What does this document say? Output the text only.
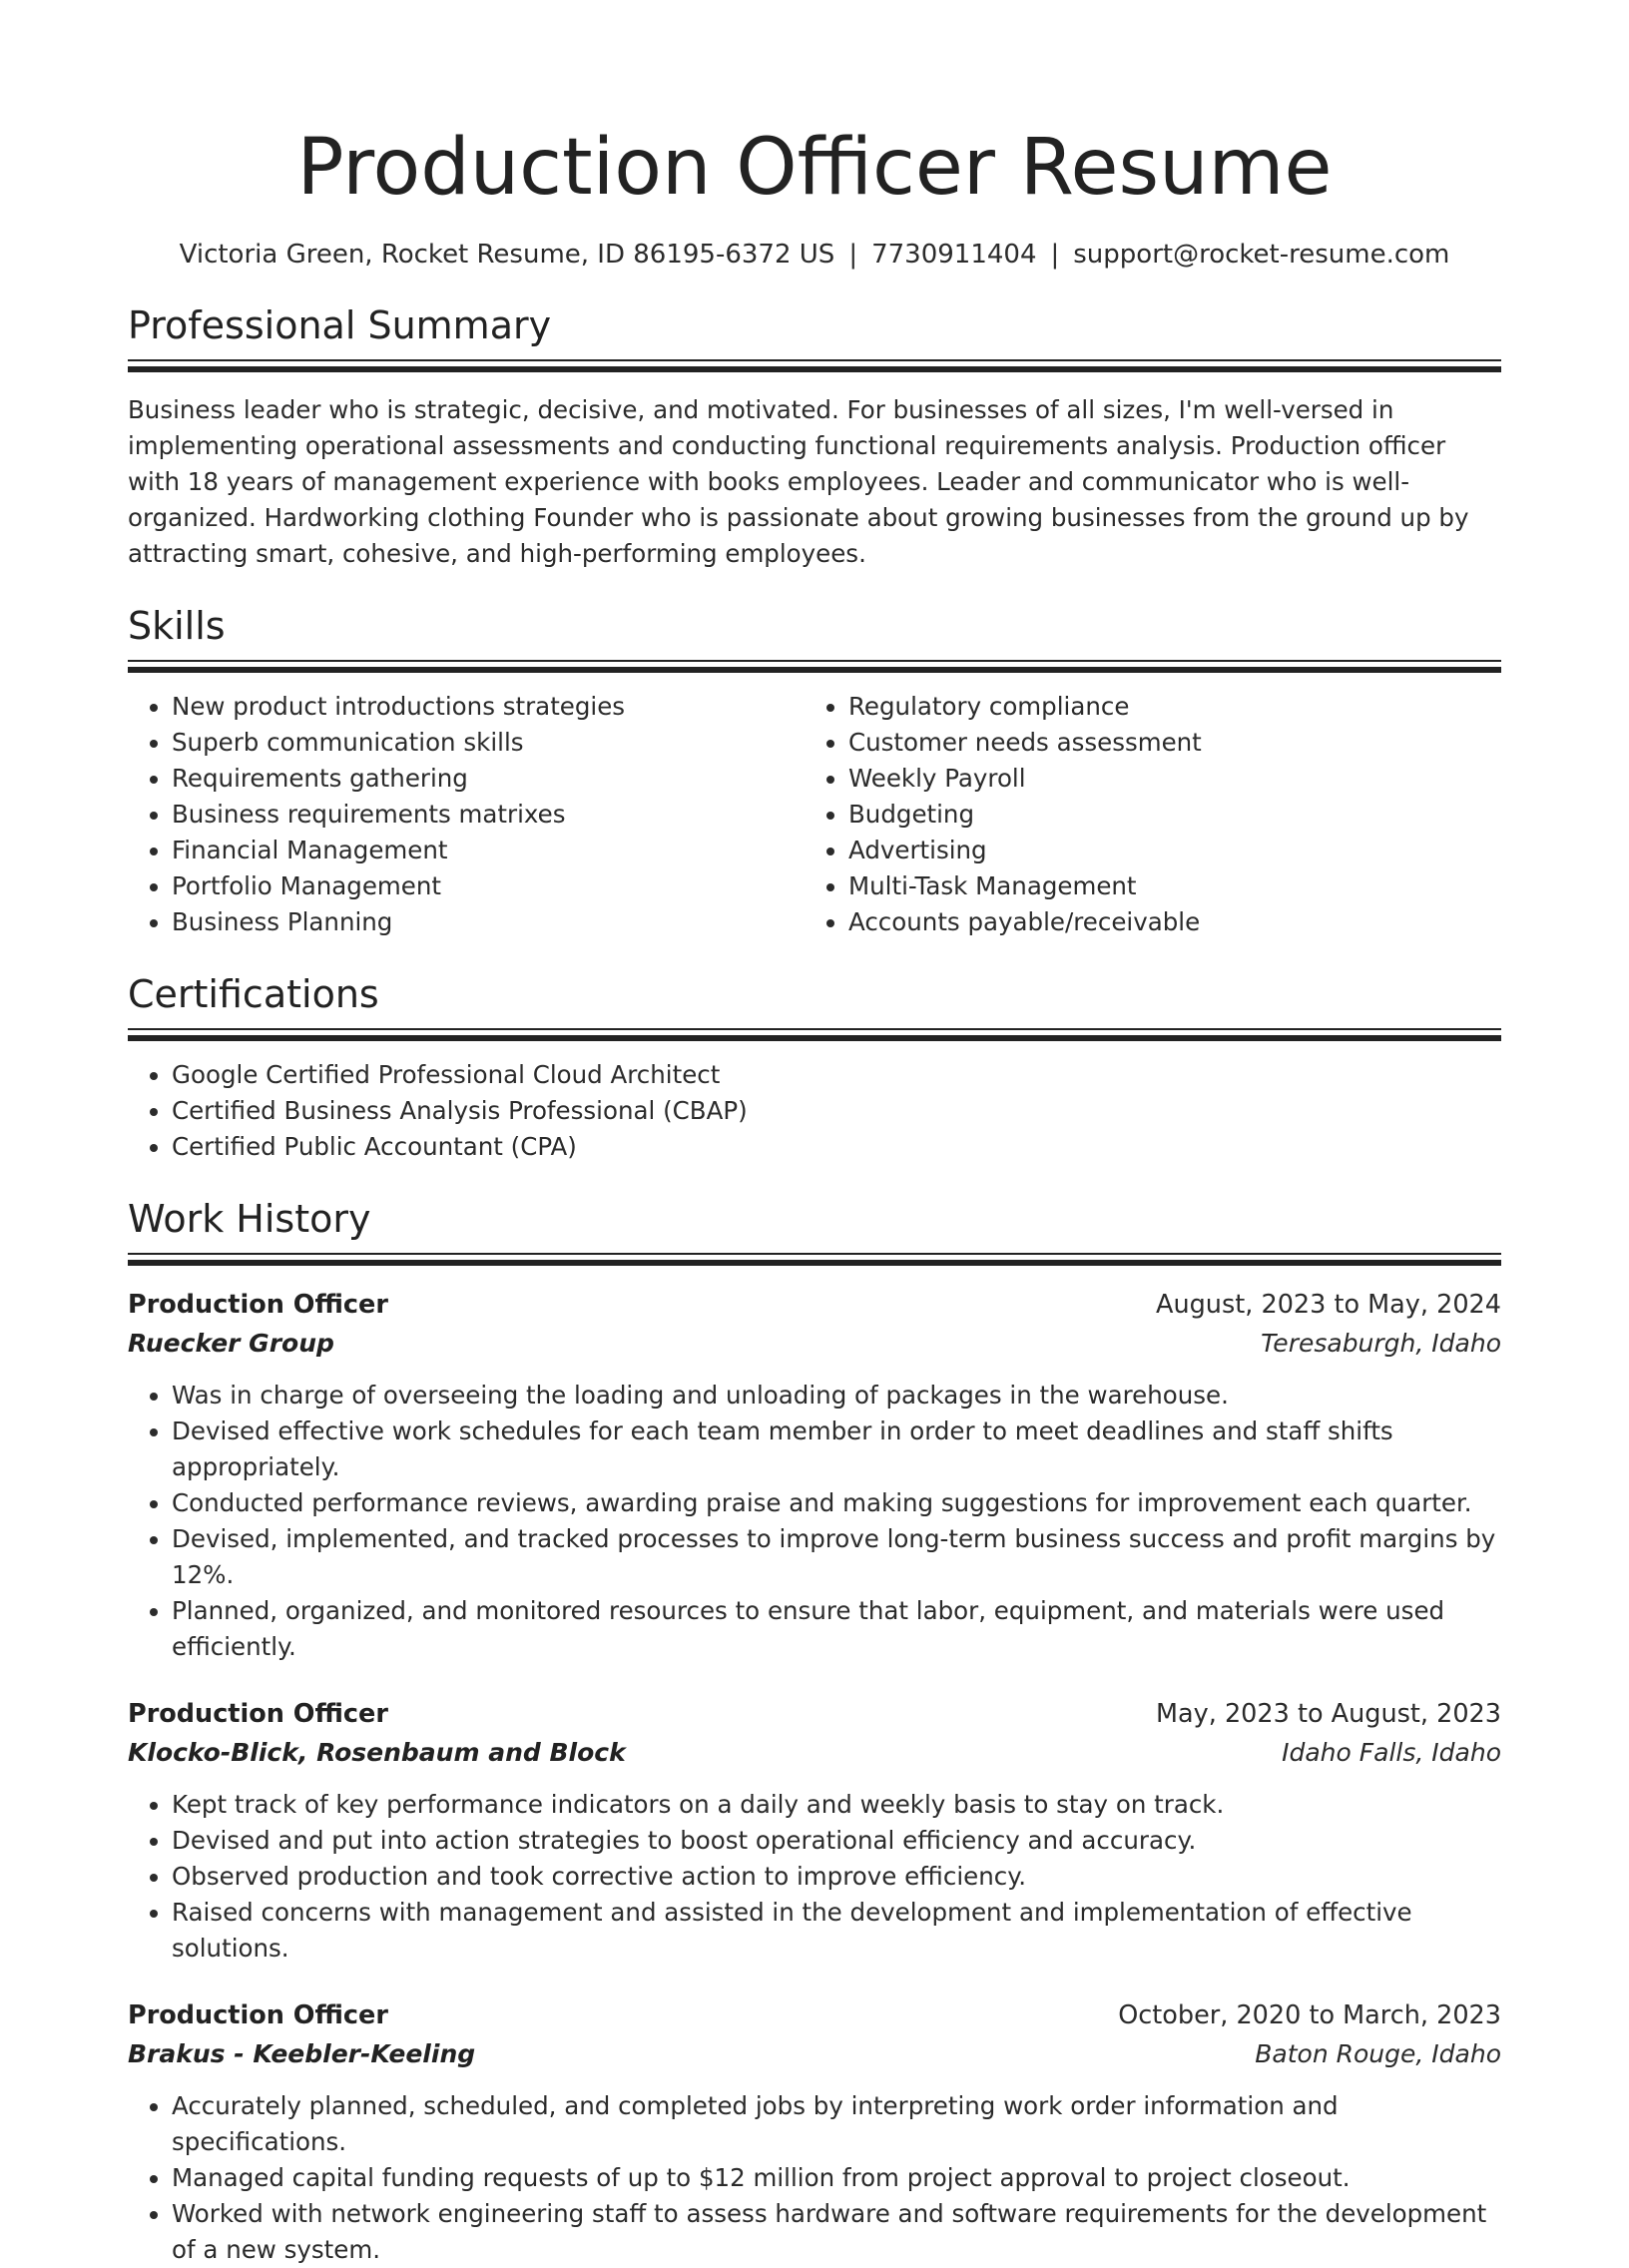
Production Officer Resume
Victoria Green, Rocket Resume, ID 86195-6372 US | 7730911404 | support@rocket-resume.com
Professional Summary
Business leader who is strategic, decisive, and motivated. For businesses of all sizes, I'm well-versed in implementing operational assessments and conducting functional requirements analysis. Production officer with 18 years of management experience with books employees. Leader and communicator who is well-organized. Hardworking clothing Founder who is passionate about growing businesses from the ground up by attracting smart, cohesive, and high-performing employees.
Skills
• New product introductions strategies
• Superb communication skills
• Requirements gathering
• Business requirements matrixes
• Financial Management
• Portfolio Management
• Business Planning
• Regulatory compliance
• Customer needs assessment
• Weekly Payroll
• Budgeting
• Advertising
• Multi-Task Management
• Accounts payable/receivable
Certifications
• Google Certified Professional Cloud Architect
• Certified Business Analysis Professional (CBAP)
• Certified Public Accountant (CPA)
Work History
Production Officer	August, 2023 to May, 2024
Ruecker Group	Teresaburgh, Idaho
• Was in charge of overseeing the loading and unloading of packages in the warehouse.
• Devised effective work schedules for each team member in order to meet deadlines and staff shifts appropriately.
• Conducted performance reviews, awarding praise and making suggestions for improvement each quarter.
• Devised, implemented, and tracked processes to improve long-term business success and profit margins by 12%.
• Planned, organized, and monitored resources to ensure that labor, equipment, and materials were used efficiently.
Production Officer	May, 2023 to August, 2023
Klocko-Blick, Rosenbaum and Block	Idaho Falls, Idaho
• Kept track of key performance indicators on a daily and weekly basis to stay on track.
• Devised and put into action strategies to boost operational efficiency and accuracy.
• Observed production and took corrective action to improve efficiency.
• Raised concerns with management and assisted in the development and implementation of effective solutions.
Production Officer	October, 2020 to March, 2023
Brakus - Keebler-Keeling	Baton Rouge, Idaho
• Accurately planned, scheduled, and completed jobs by interpreting work order information and specifications.
• Managed capital funding requests of up to $12 million from project approval to project closeout.
• Worked with network engineering staff to assess hardware and software requirements for the development of a new system.
